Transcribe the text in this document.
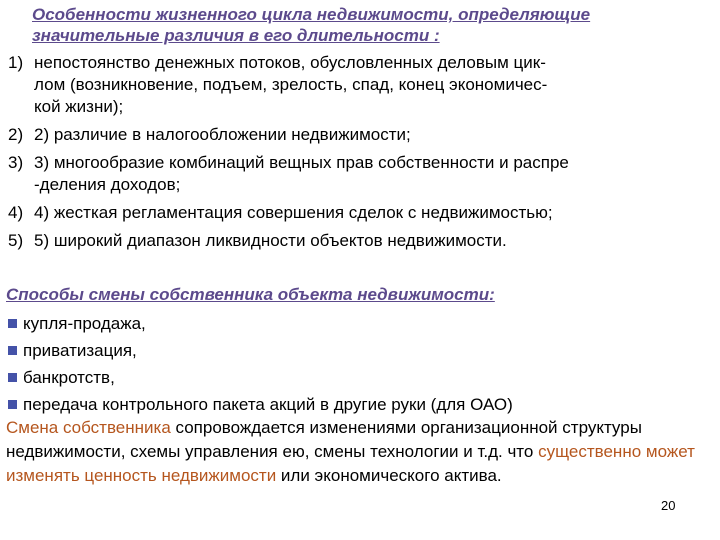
Особенности жизненного цикла недвижимости, определяющие
значительные различия в его длительности :
1) непостоянство денежных потоков, обусловленных деловым цик-
лом (возникновение, подъем, зрелость, спад, конец экономичес-
кой жизни);
2) 2) различие в налогообложении недвижимости;
3) 3) многообразие комбинаций вещных прав собственности и распре
-деления доходов;
4) 4) жесткая регламентация совершения сделок с недвижимостью;
5) 5) широкий диапазон ликвидности объектов недвижимости.
Способы смены собственника объекта недвижимости:
купля-продажа,
приватизация,
банкротств,
передача контрольного пакета акций в другие руки (для ОАО)
Смена собственника сопровождается изменениями организационной структуры недвижимости, схемы управления ею, смены технологии и т.д. что существенно может изменять ценность недвижимости или экономического актива.
20
